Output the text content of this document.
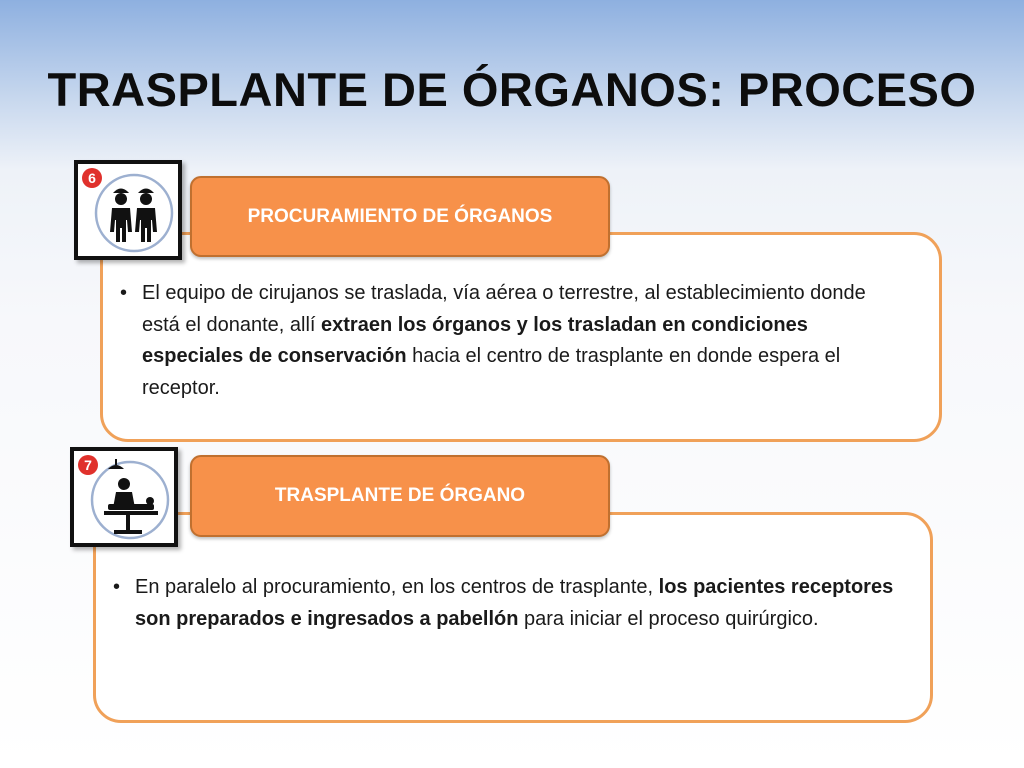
TRASPLANTE DE ÓRGANOS: PROCESO
PROCURAMIENTO DE ÓRGANOS
6
• El equipo de cirujanos se traslada, vía aérea o terrestre, al establecimiento donde está el donante, allí extraen los órganos y los trasladan en condiciones especiales de conservación hacia el centro de trasplante en donde espera el receptor.
TRASPLANTE DE ÓRGANO
7
• En paralelo al procuramiento, en los centros de trasplante, los pacientes receptores son preparados e ingresados a pabellón para iniciar el proceso quirúrgico.
